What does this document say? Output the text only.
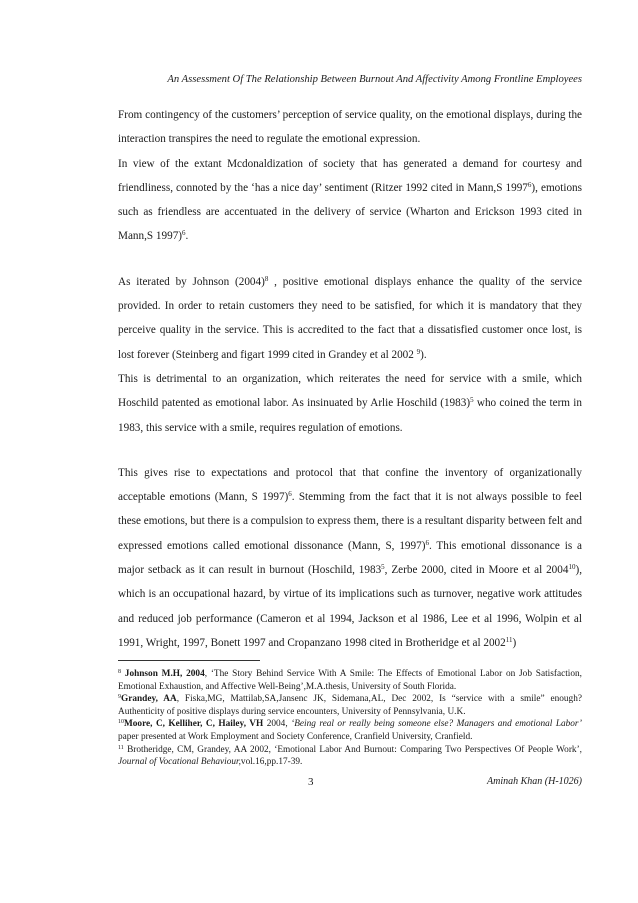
An Assessment Of The Relationship Between Burnout And Affectivity Among Frontline Employees

From contingency of the customers’ perception of service quality, on the emotional displays, during the interaction transpires the need to regulate the emotional expression.

In view of the extant Mcdonaldization of society that has generated a demand for courtesy and friendliness, connoted by the ‘has a nice day’ sentiment (Ritzer 1992 cited in Mann,S 1997$^6$), emotions such as friendless are accentuated in the delivery of service (Wharton and Erickson 1993 cited in Mann,S 1997)$^6$.

As iterated by Johnson $(2004)^8$ , positive emotional displays enhance the quality of the service provided. In order to retain customers they need to be satisfied, for which it is mandatory that they perceive quality in the service. This is accredited to the fact that a dissatisfied customer once lost, is lost forever (Steinberg and figart 1999 cited in Grandey et al 2002 $^9$).

This is detrimental to an organization, which reiterates the need for service with a smile, which Hoschild patented as emotional labor. As insinuated by Arlie Hoschild $(1983)^5$ who coined the term in 1983, this service with a smile, requires regulation of emotions.

This gives rise to expectations and protocol that that confine the inventory of organizationally acceptable emotions (Mann, S 1997)$^6$. Stemming from the fact that it is not always possible to feel these emotions, but there is a compulsion to express them, there is a resultant disparity between felt and expressed emotions called emotional dissonance (Mann, S, 1997)$^6$. This emotional dissonance is a major setback as it can result in burnout (Hoschild, 1983$^5$, Zerbe 2000, cited in Moore et al 2004$^{10}$), which is an occupational hazard, by virtue of its implications such as turnover, negative work attitudes and reduced job performance (Cameron et al 1994, Jackson et al 1986, Lee et al 1996, Wolpin et al 1991, Wright, 1997, Bonett 1997 and Cropanzano 1998 cited in Brotheridge et al 2002$^{11}$)

$^8$ Johnson M.H, 2004, ‘The Story Behind Service With A Smile: The Effects of Emotional Labor on Job Satisfaction, Emotional Exhaustion, and Affective Well-Being’,M.A.thesis, University of South Florida.

$^9$Grandey, AA, Fiska,MG, Mattilab,SA,Jansenc JK, Sidemana,AL, Dec 2002, Is “service with a smile” enough? Authenticity of positive displays during service encounters, University of Pennsylvania, U.K.

$^{10}$Moore, C, Kelliher, C, Hailey, VH 2004, ‘Being real or really being someone else? Managers and emotional Labor’ paper presented at Work Employment and Society Conference, Cranfield University, Cranfield.

$^{11}$ Brotheridge, CM, Grandey, AA 2002, ‘Emotional Labor And Burnout: Comparing Two Perspectives Of People Work’, Journal of Vocational Behaviour,vol.16,pp.17-39.

3	Aminah Khan (H-1026)
